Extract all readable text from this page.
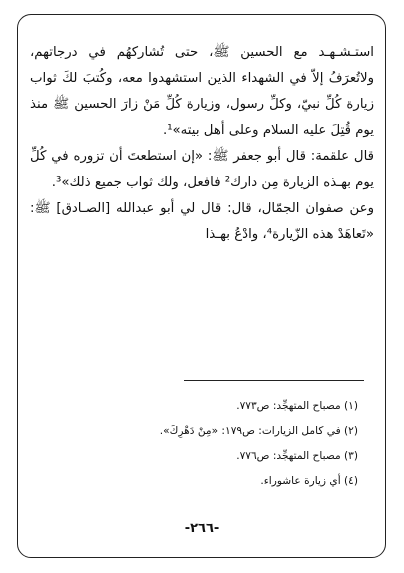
استـشـهـد مع الحسين ﷺ، حتى تُشاركهُم في درجاتهم، ولاتُعرَفُ إلاّ في الشهداء الذين استشهدوا معه، وكُتبَ لكَ ثواب زيارة كُلِّ نبيّ، وكلِّ رسول، وزيارة كُلِّ مَنْ زارَ الحسين ﷺ منذ يوم قُتِلَ عليه السلام وعلى أهل بيته»¹.

قال علقمة: قال أبو جعفر ﷺ: «إن استطعتَ أن تزوره في كُلِّ يوم بهـذه الزيارة مِن دارك² فافعل، ولك ثواب جميع ذلك»³.

وعن صفوان الجمّال، قال: قال لي أبو عبدالله [الصـادق] ﷺ: «تَعاهَدْ هذه الزّيارة⁴، وادْعُ بهـذا

(١) مصباح المتهجِّد: ص٧٧٣.
(٢) في كامل الزيارات: ص١٧٩: «مِنْ دَهْرِكَ».
(٣) مصباح المتهجِّد: ص٧٧٦.
(٤) أي زيارة عاشوراء.
-٢٦٦-
